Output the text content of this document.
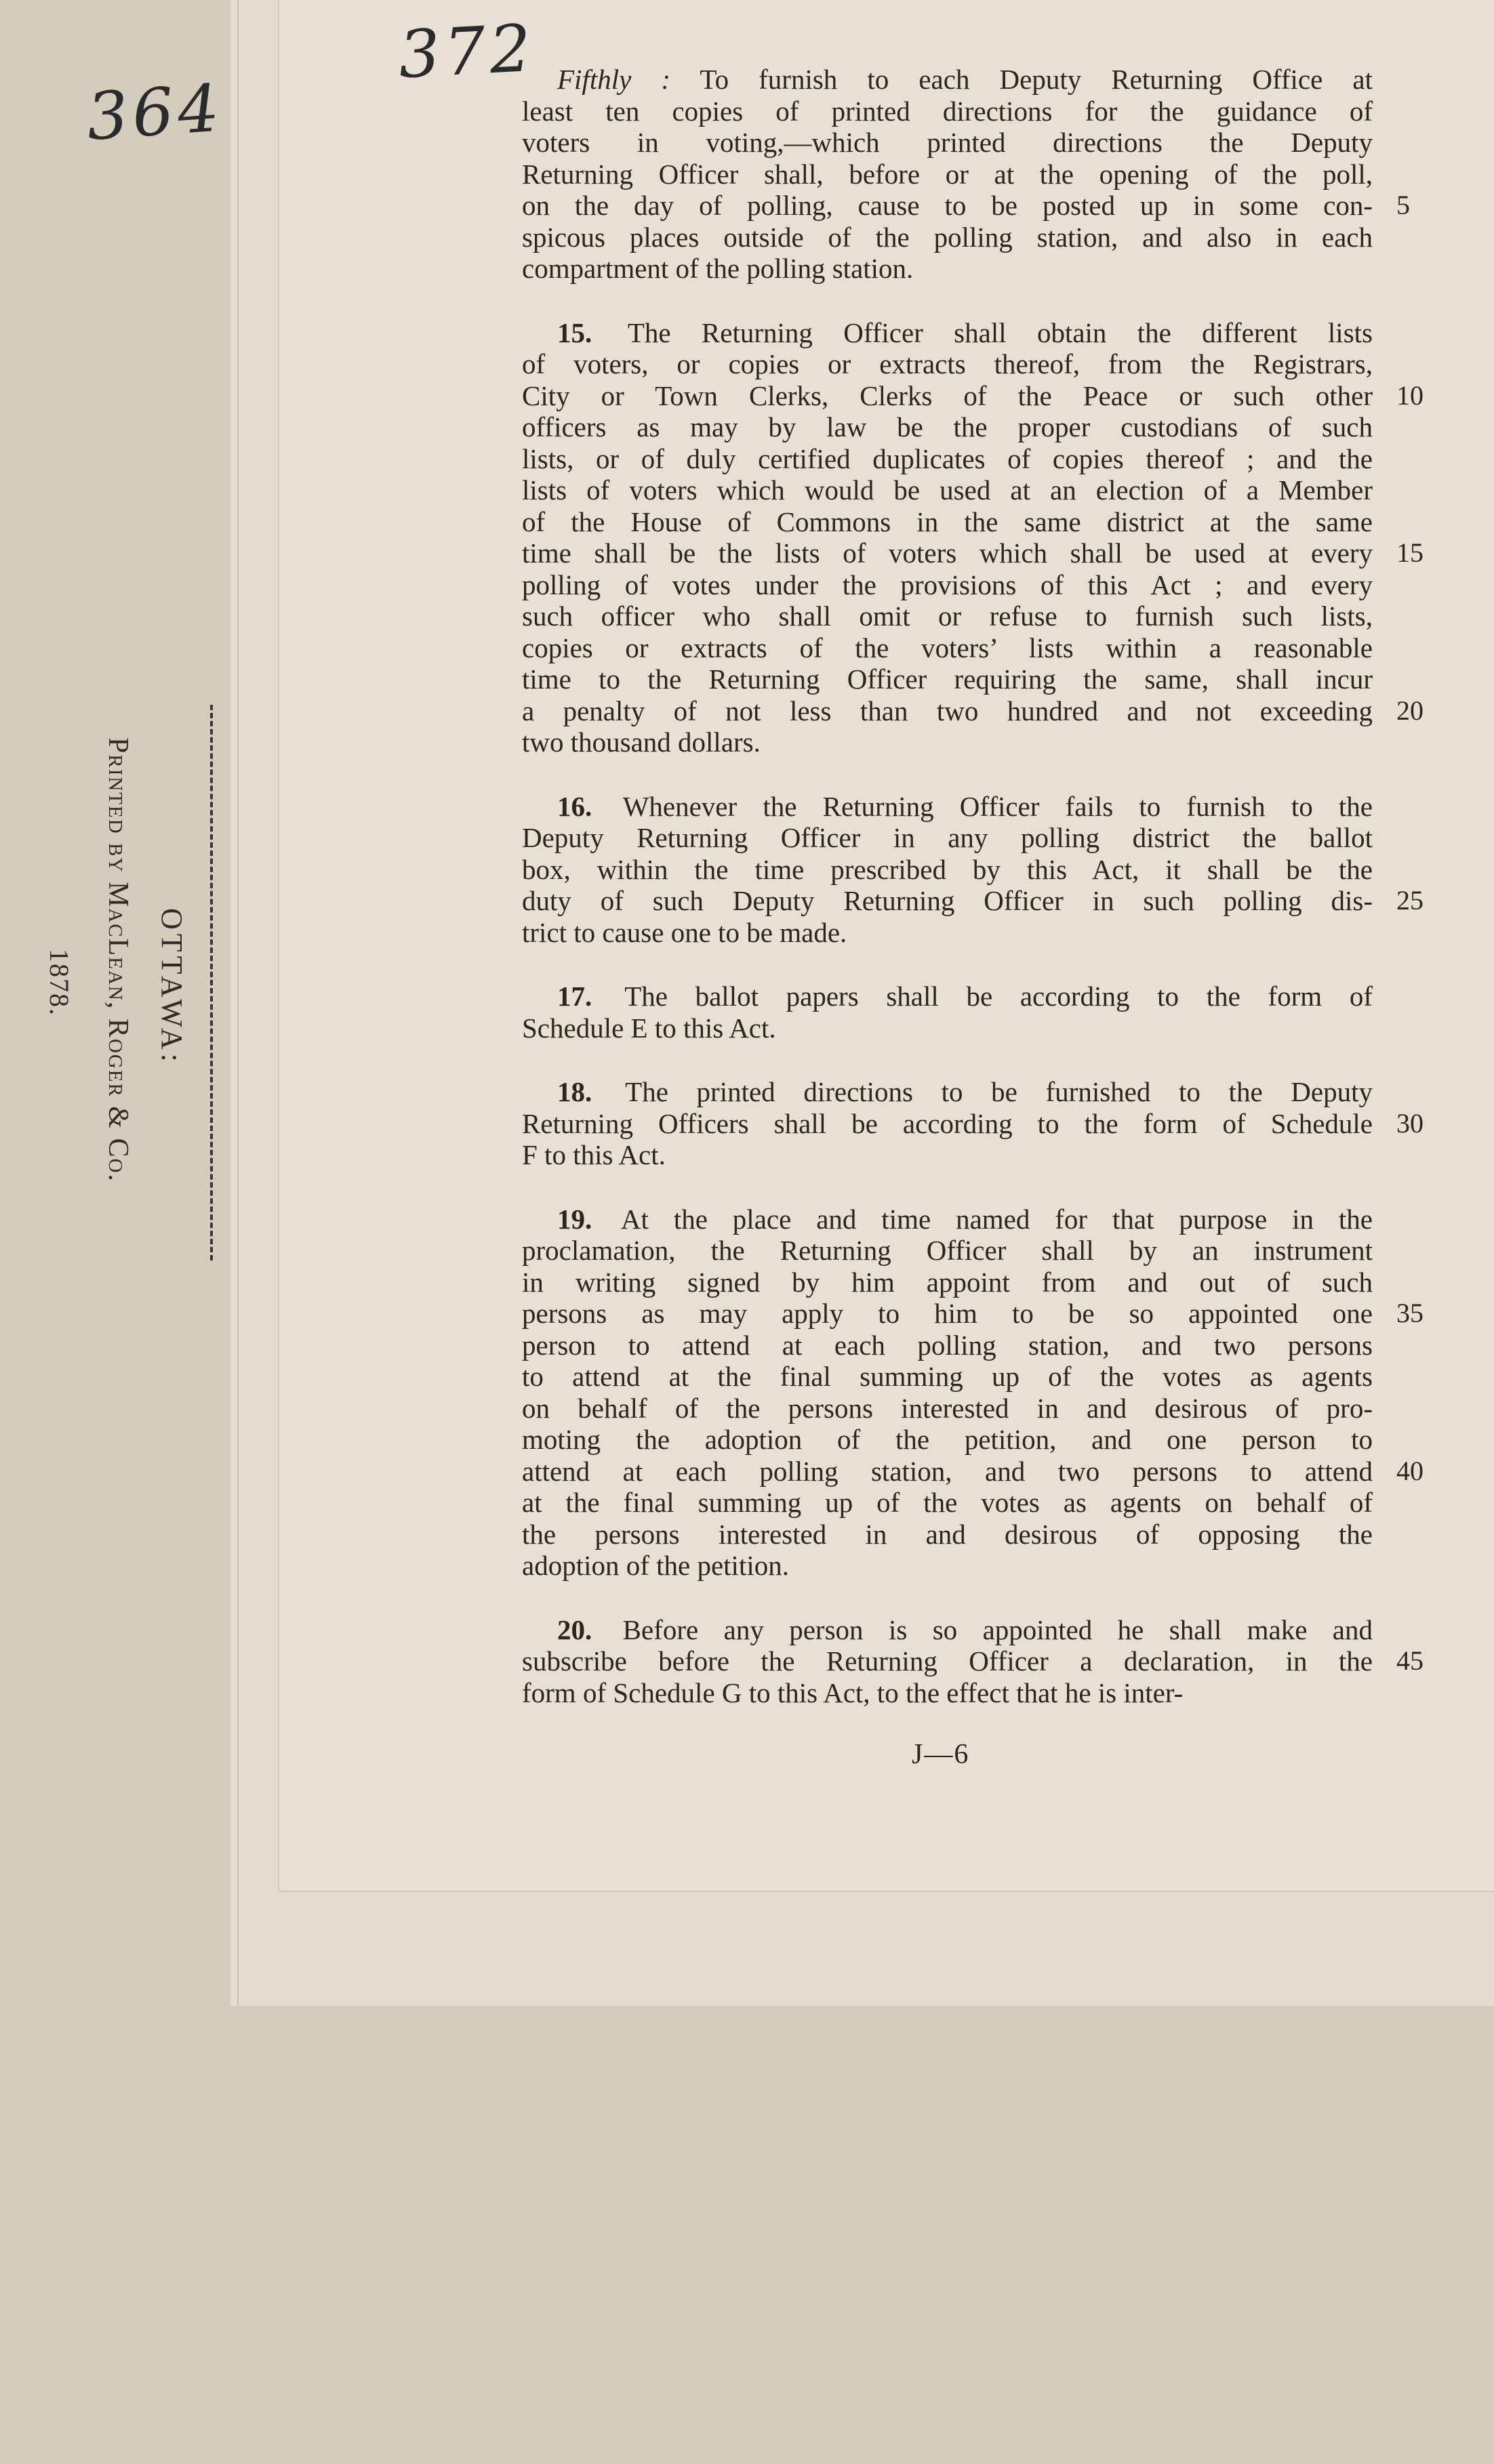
364
372
OTTAWA:
Printed by MacLean, Roger & Co.
1878.
Fifthly : To furnish to each Deputy Returning Office at
least ten copies of printed directions for the guidance of
voters in voting,—which printed directions the Deputy
Returning Officer shall, before or at the opening of the poll,
on the day of polling, cause to be posted up in some con- 5
spicous places outside of the polling station, and also in each
compartment of the polling station.
15. The Returning Officer shall obtain the different lists
of voters, or copies or extracts thereof, from the Registrars,
City or Town Clerks, Clerks of the Peace or such other 10
officers as may by law be the proper custodians of such
lists, or of duly certified duplicates of copies thereof ; and the
lists of voters which would be used at an election of a Member
of the House of Commons in the same district at the same
time shall be the lists of voters which shall be used at every 15
polling of votes under the provisions of this Act ; and every
such officer who shall omit or refuse to furnish such lists,
copies or extracts of the voters’ lists within a reasonable
time to the Returning Officer requiring the same, shall incur
a penalty of not less than two hundred and not exceeding 20
two thousand dollars.
16. Whenever the Returning Officer fails to furnish to the
Deputy Returning Officer in any polling district the ballot
box, within the time prescribed by this Act, it shall be the
duty of such Deputy Returning Officer in such polling dis- 25
trict to cause one to be made.
17. The ballot papers shall be according to the form of
Schedule E to this Act.
18. The printed directions to be furnished to the Deputy
Returning Officers shall be according to the form of Schedule 30
F to this Act.
19. At the place and time named for that purpose in the
proclamation, the Returning Officer shall by an instrument
in writing signed by him appoint from and out of such
persons as may apply to him to be so appointed one 35
person to attend at each polling station, and two persons
to attend at the final summing up of the votes as agents
on behalf of the persons interested in and desirous of pro-
moting the adoption of the petition, and one person to
attend at each polling station, and two persons to attend 40
at the final summing up of the votes as agents on behalf of
the persons interested in and desirous of opposing the
adoption of the petition.
20. Before any person is so appointed he shall make and
subscribe before the Returning Officer a declaration, in the 45
form of Schedule G to this Act, to the effect that he is inter-
J—6
